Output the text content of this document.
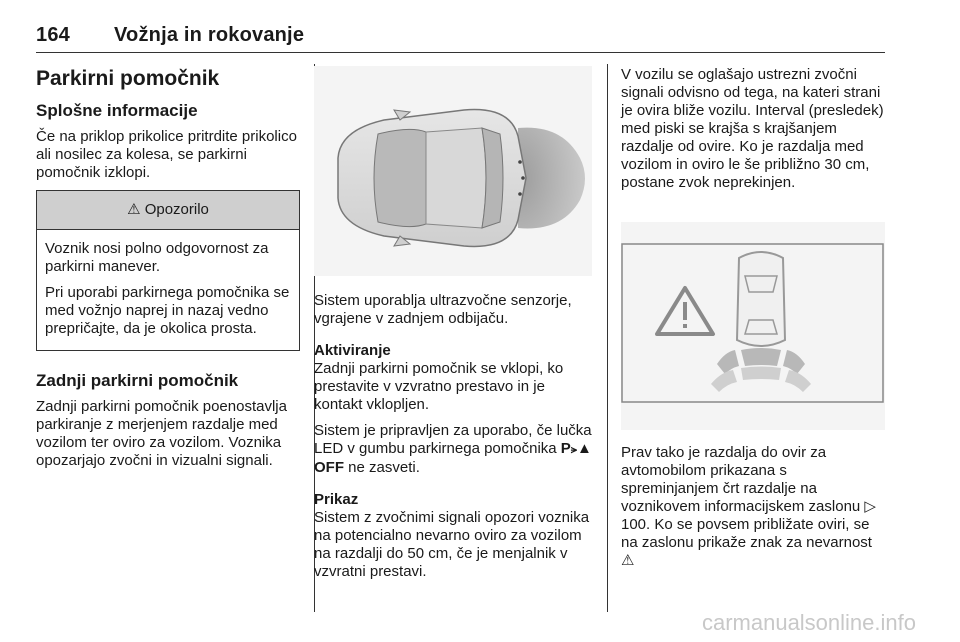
164 Vožnja in rokovanje
Parkirni pomočnik
Splošne informacije

Če na priklop prikolice pritrdite prikolico ali nosilec za kolesa, se parkirni pomočnik izklopi.

⚠ Opozorilo

Voznik nosi polno odgovornost za parkirni manever.

Pri uporabi parkirnega pomočnika se med vožnjo naprej in nazaj vedno prepričajte, da je okolica prosta.

Zadnji parkirni pomočnik

Zadnji parkirni pomočnik poenostavlja parkiranje z merjenjem razdalje med vozilom ter oviro za vozilom. Voznika opozarjajo zvočni in vizualni signali.

Sistem uporablja ultrazvočne senzorje, vgrajene v zadnjem odbijaču.

Aktiviranje

Zadnji parkirni pomočnik se vklopi, ko prestavite v vzvratno prestavo in je kontakt vklopljen.

Sistem je pripravljen za uporabo, če lučka LED v gumbu parkirnega pomočnika P⪫▲ OFF ne zasveti.

Prikaz

Sistem z zvočnimi signali opozori voznika na potencialno nevarno oviro za vozilom na razdalji do 50 cm, če je menjalnik v vzvratni prestavi.

V vozilu se oglašajo ustrezni zvočni signali odvisno od tega, na kateri strani je ovira bliže vozilu. Interval (presledek) med piski se krajša s krajšanjem razdalje od ovire. Ko je razdalja med vozilom in oviro le še približno 30 cm, postane zvok neprekinjen.

Prav tako je razdalja do ovir za avtomobilom prikazana s spreminjanjem črt razdalje na voznikovem informacijskem zaslonu ▷ 100. Ko se povsem približate oviri, se na zaslonu prikaže znak za nevarnost ⚠

carmanualsonline.info
